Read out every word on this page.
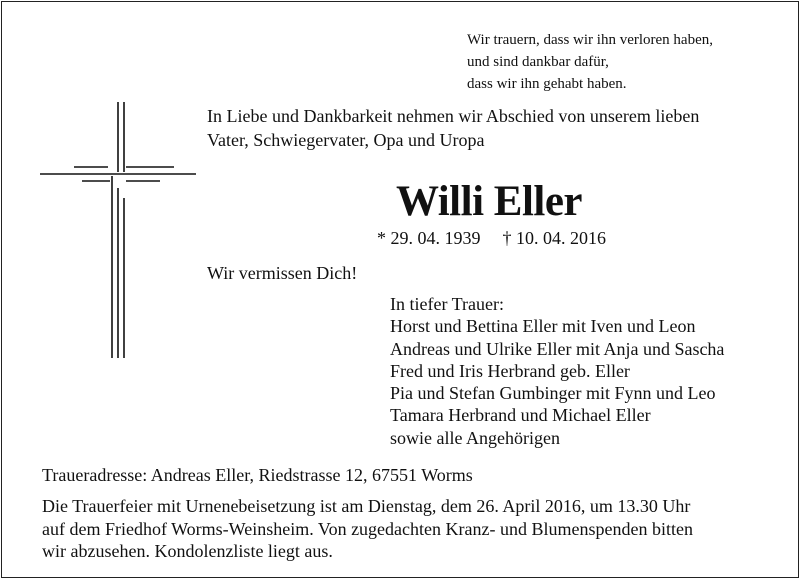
Wir trauern, dass wir ihn verloren haben,
und sind dankbar dafür,
dass wir ihn gehabt haben.
In Liebe und Dankbarkeit nehmen wir Abschied von unserem lieben
Vater, Schwiegervater, Opa und Uropa
Willi Eller
* 29. 04. 1939 † 10. 04. 2016
Wir vermissen Dich!
In tiefer Trauer:
Horst und Bettina Eller mit Iven und Leon
Andreas und Ulrike Eller mit Anja und Sascha
Fred und Iris Herbrand geb. Eller
Pia und Stefan Gumbinger mit Fynn und Leo
Tamara Herbrand und Michael Eller
sowie alle Angehörigen
Traueradresse: Andreas Eller, Riedstrasse 12, 67551 Worms
Die Trauerfeier mit Urnenebeisetzung ist am Dienstag, dem 26. April 2016, um 13.30 Uhr
auf dem Friedhof Worms-Weinsheim. Von zugedachten Kranz- und Blumenspenden bitten
wir abzusehen. Kondolenzliste liegt aus.
